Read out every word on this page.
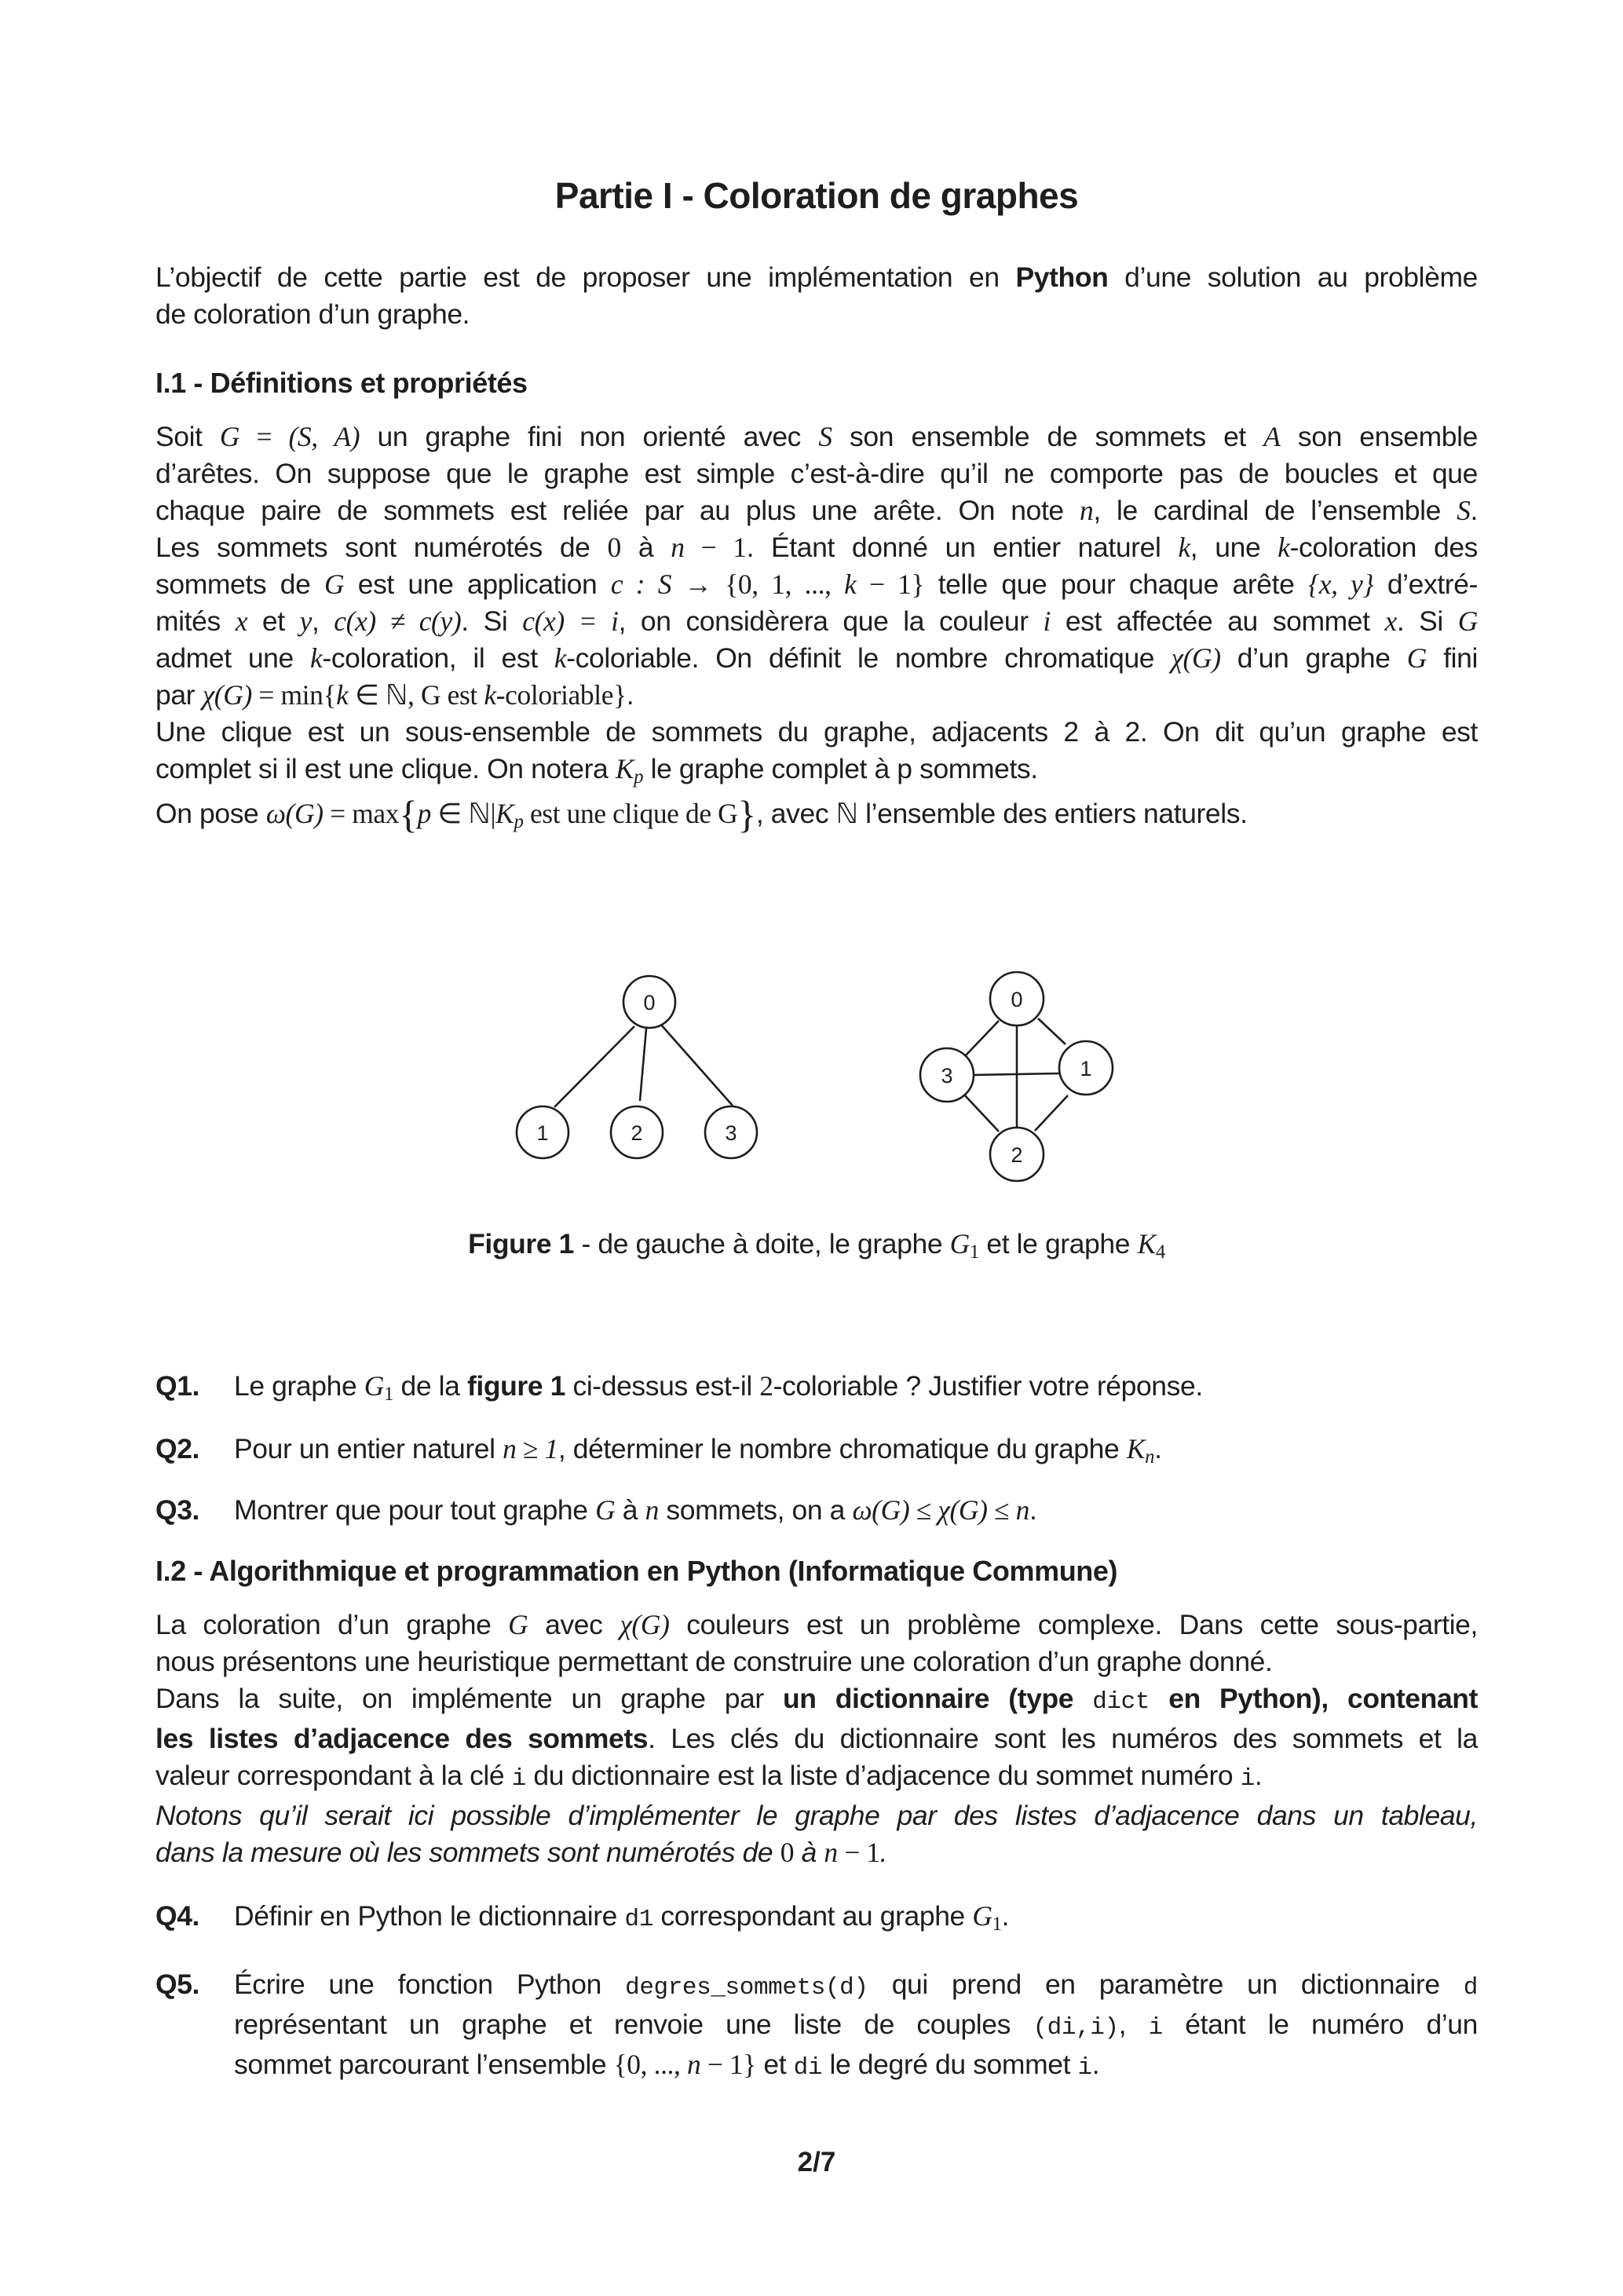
Partie I - Coloration de graphes
L’objectif de cette partie est de proposer une implémentation en Python d’une solution au problème
de coloration d’un graphe.
I.1 - Définitions et propriétés
Soit G = (S, A) un graphe fini non orienté avec S son ensemble de sommets et A son ensemble
d’arêtes. On suppose que le graphe est simple c’est-à-dire qu’il ne comporte pas de boucles et que
chaque paire de sommets est reliée par au plus une arête. On note n, le cardinal de l’ensemble S.
Les sommets sont numérotés de 0 à n − 1. Étant donné un entier naturel k, une k-coloration des
sommets de G est une application c : S → {0, 1, ..., k − 1} telle que pour chaque arête {x, y} d’extré-
mités x et y, c(x) ≠ c(y). Si c(x) = i, on considèrera que la couleur i est affectée au sommet x. Si G
admet une k-coloration, il est k-coloriable. On définit le nombre chromatique χ(G) d’un graphe G fini
par χ(G) = min{k ∈ ℕ, G est k-coloriable}.
Une clique est un sous-ensemble de sommets du graphe, adjacents 2 à 2. On dit qu’un graphe est
complet si il est une clique. On notera $K_p$ le graphe complet à p sommets.
On pose ω(G) = max{p ∈ $ℕ|K_p$ est une clique de G}, avec ℕ l’ensemble des entiers naturels.
0
1	2	3
0
1
2
3
Figure 1 - de gauche à doite, le graphe $G_1$ et le graphe $K_4$
Q1. Le graphe $G_1$ de la figure 1 ci-dessus est-il 2-coloriable ? Justifier votre réponse.
Q2. Pour un entier naturel n ≥ 1, déterminer le nombre chromatique du graphe $K_n$.
Q3. Montrer que pour tout graphe G à n sommets, on a ω(G) ≤ χ(G) ≤ n.
I.2 - Algorithmique et programmation en Python (Informatique Commune)
La coloration d’un graphe G avec χ(G) couleurs est un problème complexe. Dans cette sous-partie,
nous présentons une heuristique permettant de construire une coloration d’un graphe donné.
Dans la suite, on implémente un graphe par un dictionnaire (type dict en Python), contenant
les listes d’adjacence des sommets. Les clés du dictionnaire sont les numéros des sommets et la
valeur correspondant à la clé i du dictionnaire est la liste d’adjacence du sommet numéro i.
Notons qu’il serait ici possible d’implémenter le graphe par des listes d’adjacence dans un tableau,
dans la mesure où les sommets sont numérotés de 0 à n − 1.
Q4. Définir en Python le dictionnaire d1 correspondant au graphe $G_1$.
Q5. Écrire une fonction Python degres_sommets(d) qui prend en paramètre un dictionnaire d
représentant un graphe et renvoie une liste de couples (di,i), i étant le numéro d’un
sommet parcourant l’ensemble {0, ..., n − 1} et di le degré du sommet i.
2/7
